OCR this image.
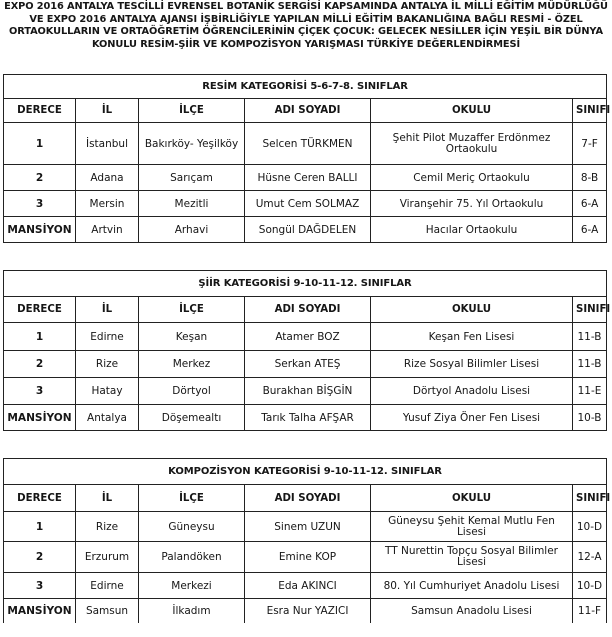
EXPO 2016 ANTALYA TESCİLLİ EVRENSEL BOTANİK SERGİSİ KAPSAMINDA ANTALYA İL MİLLİ EĞİTİM MÜDÜRLÜĞÜ
VE EXPO 2016 ANTALYA AJANSI İŞBİRLİĞİYLE YAPILAN MİLLİ EĞİTİM BAKANLIĞINA BAĞLI RESMİ - ÖZEL
ORTAOKULLARIN VE ORTAÖĞRETİM ÖĞRENCİLERİNİN ÇİÇEK ÇOCUK: GELECEK NESİLLER İÇİN YEŞİL BİR DÜNYA
KONULU RESİM-ŞİİR VE KOMPOZİSYON YARIŞMASI TÜRKİYE DEĞERLENDİRMESİ
RESİM KATEGORİSİ 5-6-7-8. SINIFLAR					
DERECE	İL	İLÇE	ADI SOYADI	OKULU	SINIFI
1	İstanbul	Bakırköy- Yeşilköy	Selcen TÜRKMEN	Şehit Pilot Muzaffer Erdönmez Ortaokulu	7-F
2	Adana	Sarıçam	Hüsne Ceren BALLI	Cemil Meriç Ortaokulu	8-B
3	Mersin	Mezitli	Umut Cem SOLMAZ	Viranşehir 75. Yıl Ortaokulu	6-A
MANSİYON	Artvin	Arhavi	Songül DAĞDELEN	Hacılar Ortaokulu	6-A
ŞİİR KATEGORİSİ 9-10-11-12. SINIFLAR					
DERECE	İL	İLÇE	ADI SOYADI	OKULU	SINIFI
1	Edirne	Keşan	Atamer BOZ	Keşan Fen Lisesi	11-B
2	Rize	Merkez	Serkan ATEŞ	Rize Sosyal Bilimler Lisesi	11-B
3	Hatay	Dörtyol	Burakhan BİŞGİN	Dörtyol Anadolu Lisesi	11-E
MANSİYON	Antalya	Döşemealtı	Tarık Talha AFŞAR	Yusuf Ziya Öner Fen Lisesi	10-B
KOMPOZİSYON KATEGORİSİ 9-10-11-12. SINIFLAR					
DERECE	İL	İLÇE	ADI SOYADI	OKULU	SINIFI
1	Rize	Güneysu	Sinem UZUN	Güneysu Şehit Kemal Mutlu Fen Lisesi	10-D
2	Erzurum	Palandöken	Emine KOP	TT Nurettin Topçu Sosyal Bilimler Lisesi	12-A
3	Edirne	Merkezi	Eda AKINCI	80. Yıl Cumhuriyet Anadolu Lisesi	10-D
MANSİYON	Samsun	İlkadım	Esra Nur YAZICI	Samsun Anadolu Lisesi	11-F
